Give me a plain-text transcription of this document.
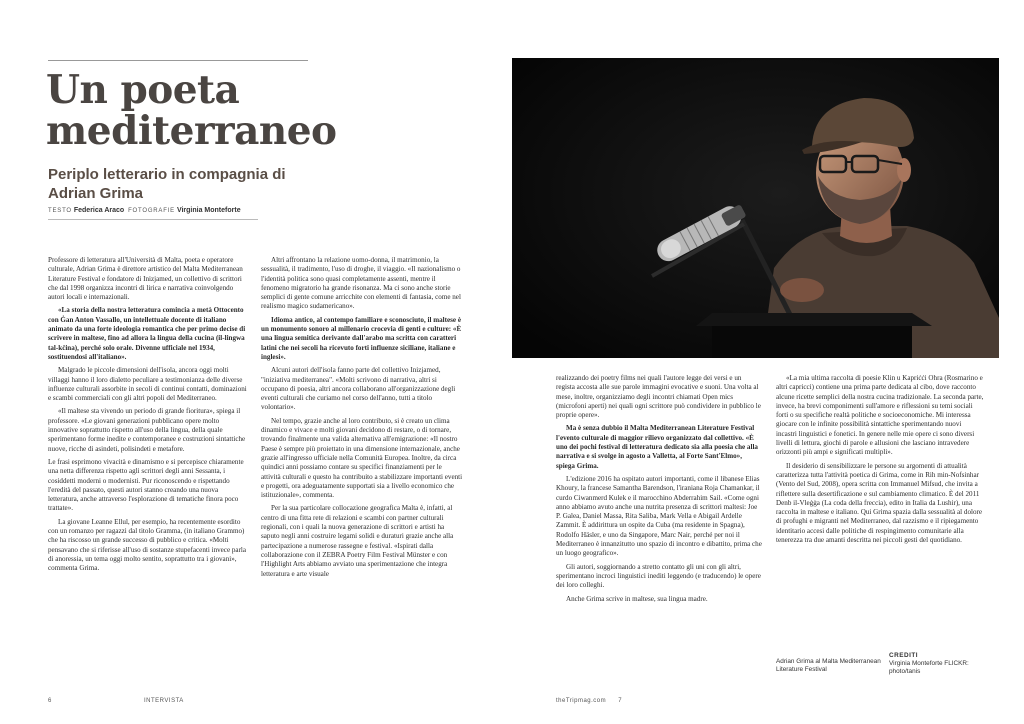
Un poeta mediterraneo
Periplo letterario in compagnia di Adrian Grima
TESTO Federica Araco FOTOGRAFIE Virginia Monteforte

Professore di letteratura all'Università di Malta, poeta e operatore culturale, Adrian Grima è direttore artistico del Malta Mediterranean Literature Festival e fondatore di Inizjamed, un collettivo di scrittori che dal 1998 organizza incontri di lirica e narrativa coinvolgendo autori locali e internazionali.

«La storia della nostra letteratura comincia a metà Ottocento con Ġan Anton Vassallo, un intellettuale docente di italiano animato da una forte ideologia romantica che per primo decise di scrivere in maltese, fino ad allora la lingua della cucina (il-lingwa tal-kċina), perché solo orale. Divenne ufficiale nel 1934, sostituendosi all'italiano».

Malgrado le piccole dimensioni dell'isola, ancora oggi molti villaggi hanno il loro dialetto peculiare a testimonianza delle diverse influenze culturali assorbite in secoli di continui contatti, dominazioni e scambi commerciali con gli altri popoli del Mediterraneo.

«Il maltese sta vivendo un periodo di grande fioritura», spiega il professore. «Le giovani generazioni pubblicano opere molto innovative soprattutto rispetto all'uso della lingua, della quale sperimentano forme inedite e contemporanee e costruzioni sintattiche nuove, ricche di asindeti, polisindeti e metafore.

Le frasi esprimono vivacità e dinamismo e si percepisce chiaramente una netta differenza rispetto agli scrittori degli anni Sessanta, i cosiddetti moderni o modernisti. Pur riconoscendo e rispettando l'eredità del passato, questi autori stanno creando una nuova letteratura, anche attraverso l'esplorazione di tematiche finora poco trattate».

La giovane Leanne Ellul, per esempio, ha recentemente esordito con un romanzo per ragazzi dal titolo Gramma, (in italiano Grammo) che ha riscosso un grande successo di pubblico e critica. «Molti pensavano che si riferisse all'uso di sostanze stupefacenti invece parla di anoressia, un tema oggi molto sentito, soprattutto tra i giovani», commenta Grima.

Altri affrontano la relazione uomo-donna, il matrimonio, la sessualità, il tradimento, l'uso di droghe, il viaggio. «Il nazionalismo o l'identità politica sono quasi completamente assenti, mentre il fenomeno migratorio ha grande risonanza. Ma ci sono anche storie semplici di gente comune arricchite con elementi di fantasia, come nel realismo magico sudamericano».

Idioma antico, al contempo familiare e sconosciuto, il maltese è un monumento sonoro al millenario crocevia di genti e culture: «È una lingua semitica derivante dall'arabo ma scritta con caratteri latini che nei secoli ha ricevuto forti influenze siciliane, italiane e inglesi».

Alcuni autori dell'isola fanno parte del collettivo Inizjamed, "iniziativa mediterranea". «Molti scrivono di narrativa, altri si occupano di poesia, altri ancora collaborano all'organizzazione degli eventi culturali che curiamo nel corso dell'anno, tutti a titolo volontario».

Nel tempo, grazie anche al loro contributo, si è creato un clima dinamico e vivace e molti giovani decidono di restare, o di tornare, trovando finalmente una valida alternativa all'emigrazione: «Il nostro Paese è sempre più proiettato in una dimensione internazionale, anche grazie all'ingresso ufficiale nella Comunità Europea. Inoltre, da circa quindici anni possiamo contare su specifici finanziamenti per le attività culturali e questo ha contribuito a stabilizzare importanti eventi e progetti, ora adeguatamente supportati sia a livello economico che istituzionale», commenta.

Per la sua particolare collocazione geografica Malta è, infatti, al centro di una fitta rete di relazioni e scambi con partner culturali regionali, con i quali la nuova generazione di scrittori e artisti ha saputo negli anni costruire legami solidi e duraturi grazie anche alla partecipazione a numerose rassegne e festival. «Ispirati dalla collaborazione con il ZEBRA Poetry Film Festival Münster e con l'Highlight Arts abbiamo avviato una sperimentazione che integra letteratura e arte visuale

6	INTERVISTA

realizzando dei poetry films nei quali l'autore legge dei versi e un regista accosta alle sue parole immagini evocative e suoni. Una volta al mese, inoltre, organizziamo degli incontri chiamati Open mics (microfoni aperti) nei quali ogni scrittore può condividere in pubblico le proprie opere».

Ma è senza dubbio il Malta Mediterranean Literature Festival l'evento culturale di maggior rilievo organizzato dal collettivo. «È uno dei pochi festival di letteratura dedicato sia alla poesia che alla narrativa e si svolge in agosto a Valletta, al Forte Sant'Elmo», spiega Grima.

L'edizione 2016 ha ospitato autori importanti, come il libanese Elias Khoury, la francese Samantha Barendson, l'iraniana Roja Chamankar, il curdo Ciwanmerd Kulek e il marocchino Abderrahim Sail. «Come ogni anno abbiamo avuto anche una nutrita presenza di scrittori maltesi: Joe P. Galea, Daniel Massa, Rita Saliba, Mark Vella e Abigail Ardelle Zammit. È addirittura un ospite da Cuba (ma residente in Spagna), Rodolfo Häsler, e uno da Singapore, Marc Nair, perché per noi il Mediterraneo è innanzitutto uno spazio di incontro e dibattito, prima che un luogo geografico».

Gli autori, soggiornando a stretto contatto gli uni con gli altri, sperimentano incroci linguistici inediti leggendo (e traducendo) le opere dei loro colleghi.

Anche Grima scrive in maltese, sua lingua madre.

«La mia ultima raccolta di poesie Klin u Kapriċċi Ohra (Rosmarino e altri capricci) contiene una prima parte dedicata al cibo, dove racconto alcune ricette semplici della nostra cucina tradizionale. La seconda parte, invece, ha brevi componimenti sull'amore e riflessioni su temi sociali forti o su specifiche realtà politiche e socioeconomiche. Mi interessa giocare con le infinite possibilità sintattiche sperimentando nuovi incastri linguistici e fonetici. In genere nelle mie opere ci sono diversi livelli di lettura, giochi di parole e allusioni che lasciano intravedere orizzonti più ampi e significati multipli».

Il desiderio di sensibilizzare le persone su argomenti di attualità caratterizza tutta l'attività poetica di Grima, come in Rih min-Nofsinhar (Vento del Sud, 2008), opera scritta con Immanuel Mifsud, che invita a riflettere sulla desertificazione e sul cambiamento climatico. È del 2011 Denb il-Vleġġa (La coda della freccia), edito in Italia da Lushir), una raccolta in maltese e italiano. Qui Grima spazia dalla sessualità al dolore di profughi e migranti nel Mediterraneo, dal razzismo e il ripiegamento identitario accesi dalle politiche di respingimento comunitarie alla tenerezza tra due amanti descritta nei piccoli gesti del quotidiano.

Adrian Grima al Malta Mediterranean Literature Festival
CREDITI
Virginia Monteforte FLICKR: photo/tanis
theTripmag.com 7
